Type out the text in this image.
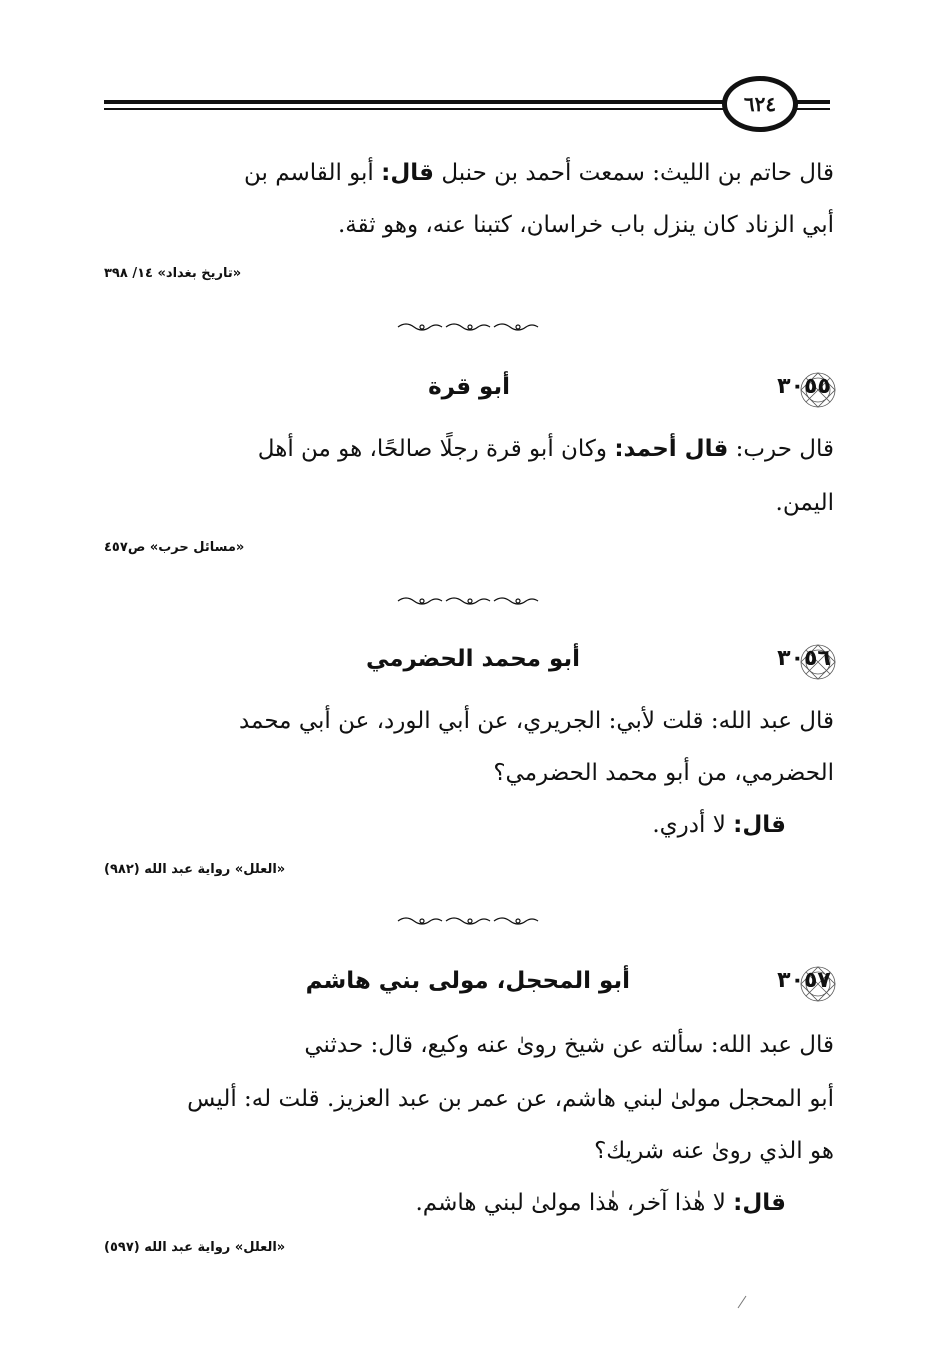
٦٢٤
قال حاتم بن الليث: سمعت أحمد بن حنبل قال: أبو القاسم بن
أبي الزناد كان ينزل باب خراسان، كتبنا عنه، وهو ثقة.
«تاريخ بغداد» ١٤/ ٣٩٨
٣٠٥٥
أبو قرة
قال حرب: قال أحمد: وكان أبو قرة رجلًا صالحًا، هو من أهل
اليمن.
«مسائل حرب» ص٤٥٧
٣٠٥٦
أبو محمد الحضرمي
قال عبد الله: قلت لأبي: الجريري، عن أبي الورد، عن أبي محمد
الحضرمي، من أبو محمد الحضرمي؟
قال: لا أدري.
«العلل» رواية عبد الله (٩٨٢)
٣٠٥٧
أبو المحجل، مولى بني هاشم
قال عبد الله: سألته عن شيخ روىٰ عنه وكيع، قال: حدثني
أبو المحجل مولىٰ لبني هاشم، عن عمر بن عبد العزيز. قلت له: أليس
هو الذي روىٰ عنه شريك؟
قال: لا هٰذا آخر، هٰذا مولىٰ لبني هاشم.
«العلل» رواية عبد الله (٥٩٧)
